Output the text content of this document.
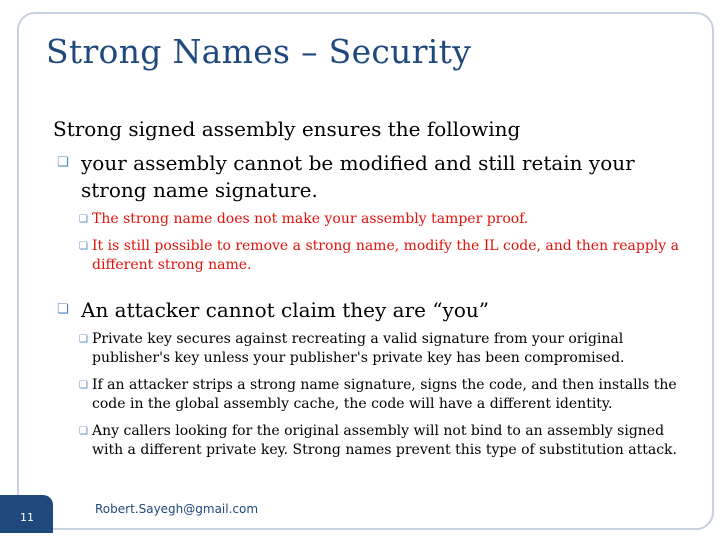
Strong Names – Security
Strong signed assembly ensures the following
❏ your assembly cannot be modified and still retain your strong name signature.
❏ The strong name does not make your assembly tamper proof.
❏ It is still possible to remove a strong name, modify the IL code, and then reapply a different strong name.
❏ An attacker cannot claim they are “you”
❏ Private key secures against recreating a valid signature from your original publisher's key unless your publisher's private key has been compromised.
❏ If an attacker strips a strong name signature, signs the code, and then installs the code in the global assembly cache, the code will have a different identity.
❏ Any callers looking for the original assembly will not bind to an assembly signed with a different private key. Strong names prevent this type of substitution attack.
11
Robert.Sayegh@gmail.com
